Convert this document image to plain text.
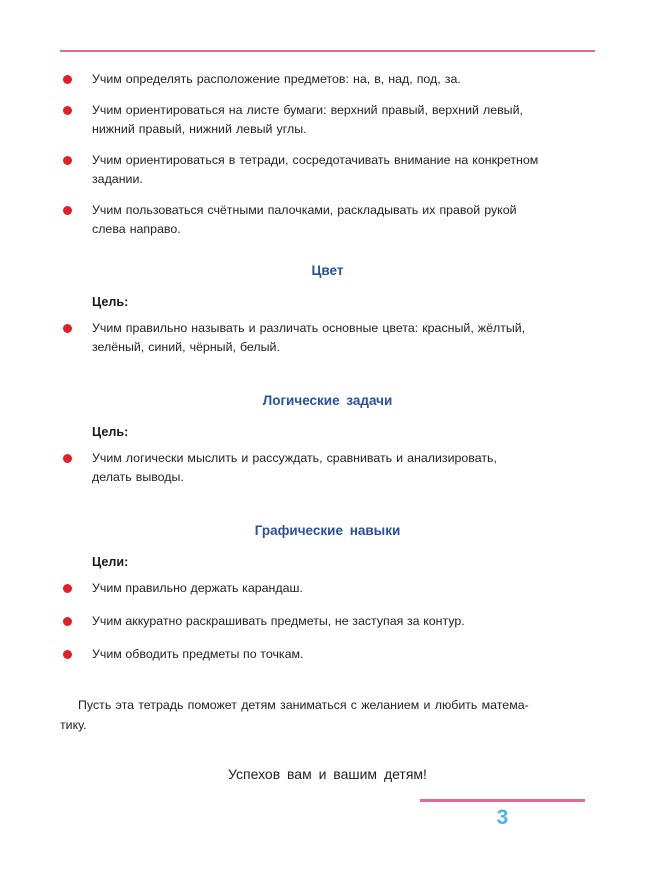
Учим определять расположение предметов: на, в, над, под, за.
Учим ориентироваться на листе бумаги: верхний правый, верхний левый,
нижний правый, нижний левый углы.
Учим ориентироваться в тетради, сосредотачивать внимание на конкретном
задании.
Учим пользоваться счётными палочками, раскладывать их правой рукой
слева направо.
Цвет
Цель:
Учим правильно называть и различать основные цвета: красный, жёлтый,
зелёный, синий, чёрный, белый.
Логические задачи
Цель:
Учим логически мыслить и рассуждать, сравнивать и анализировать,
делать выводы.
Графические навыки
Цели:
Учим правильно держать карандаш.
Учим аккуратно раскрашивать предметы, не заступая за контур.
Учим обводить предметы по точкам.
Пусть эта тетрадь поможет детям заниматься с желанием и любить матема-
тику.
Успехов вам и вашим детям!
3
